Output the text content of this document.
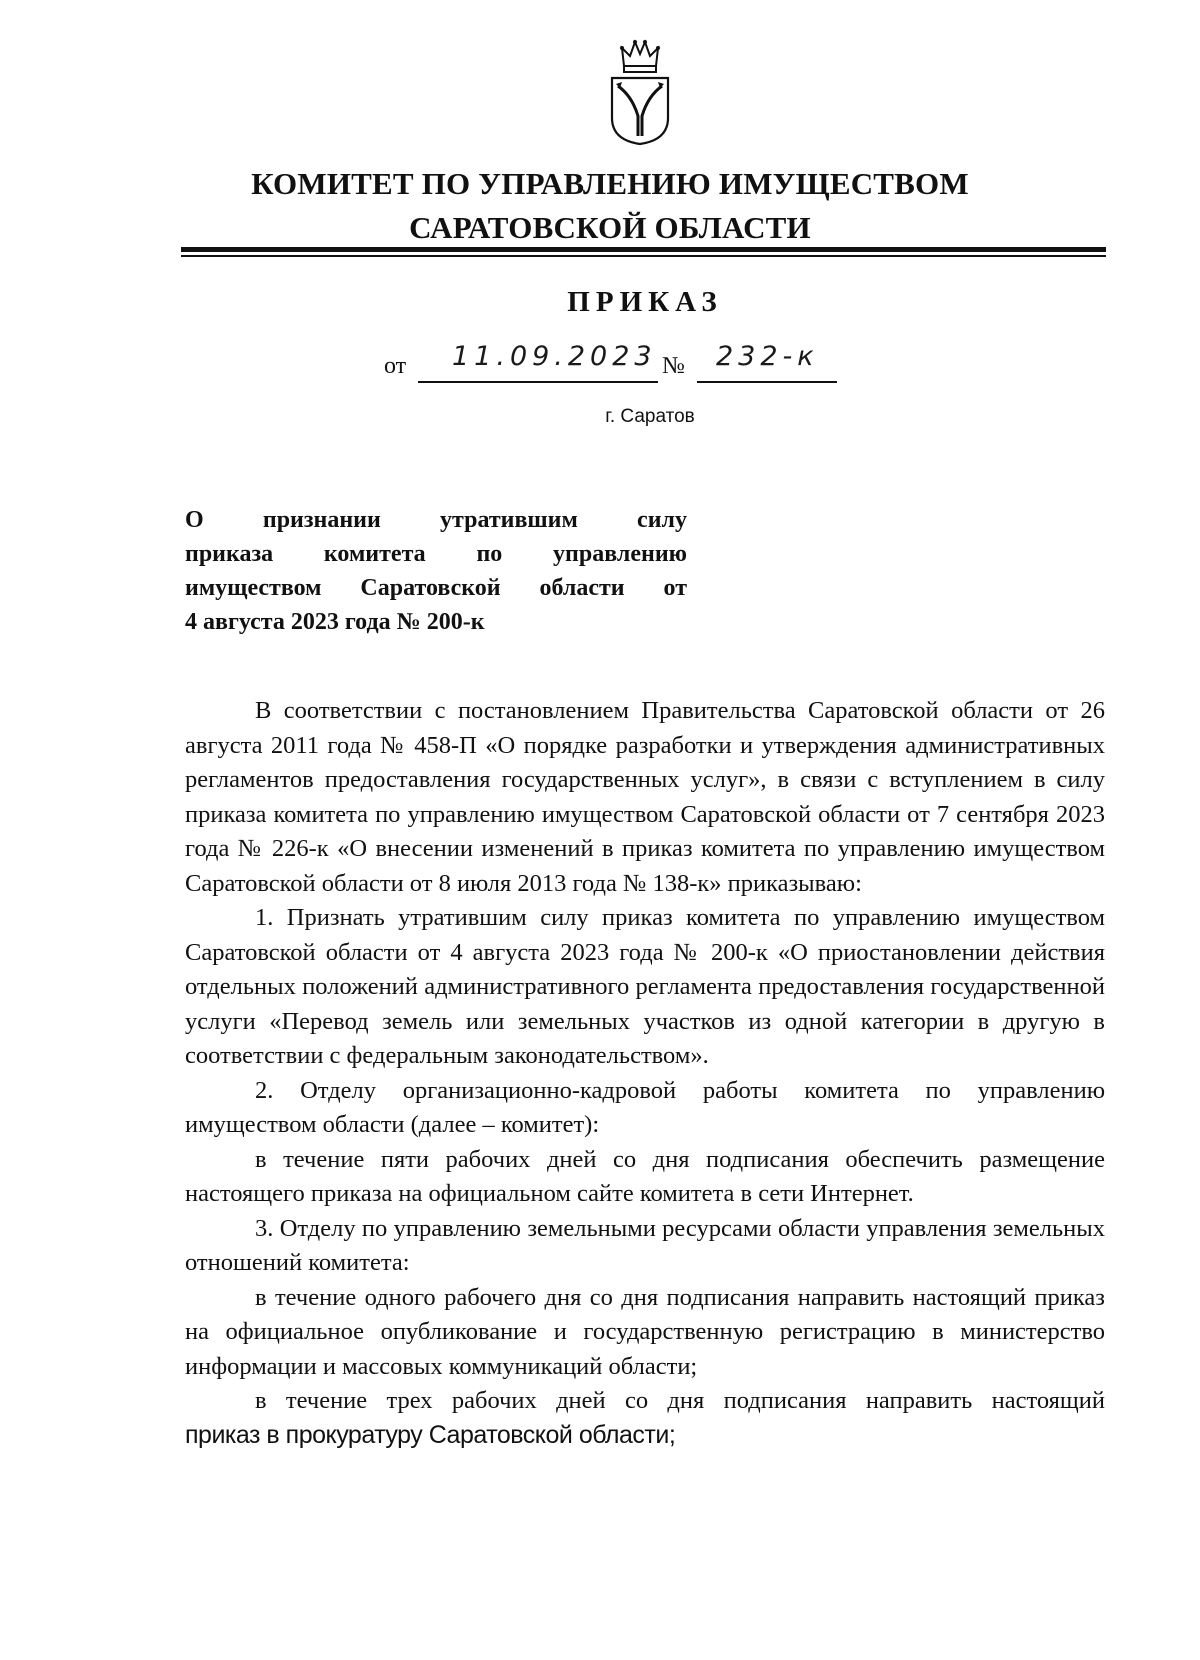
КОМИТЕТ ПО УПРАВЛЕНИЮ ИМУЩЕСТВОМ
САРАТОВСКОЙ ОБЛАСТИ
ПРИКАЗ
от 11.09.2023 № 232-к
г. Саратов
О признании утратившим силу
приказа комитета по управлению
имуществом Саратовской области от
4 августа 2023 года № 200-к

В соответствии с постановлением Правительства Саратовской области от 26 августа 2011 года № 458-П «О порядке разработки и утверждения административных регламентов предоставления государственных услуг», в связи с вступлением в силу приказа комитета по управлению имуществом Саратовской области от 7 сентября 2023 года № 226-к «О внесении изменений в приказ комитета по управлению имуществом Саратовской области от 8 июля 2013 года № 138-к» приказываю:

1. Признать утратившим силу приказ комитета по управлению имуществом Саратовской области от 4 августа 2023 года № 200-к «О приостановлении действия отдельных положений административного регламента предоставления государственной услуги «Перевод земель или земельных участков из одной категории в другую в соответствии с федеральным законодательством».

2. Отделу организационно-кадровой работы комитета по управлению имуществом области (далее – комитет):

в течение пяти рабочих дней со дня подписания обеспечить размещение настоящего приказа на официальном сайте комитета в сети Интернет.

3. Отделу по управлению земельными ресурсами области управления земельных отношений комитета:

в течение одного рабочего дня со дня подписания направить настоящий приказ на официальное опубликование и государственную регистрацию в министерство информации и массовых коммуникаций области;

в течение трех рабочих дней со дня подписания направить настоящий

приказ в прокуратуру Саратовской области;
